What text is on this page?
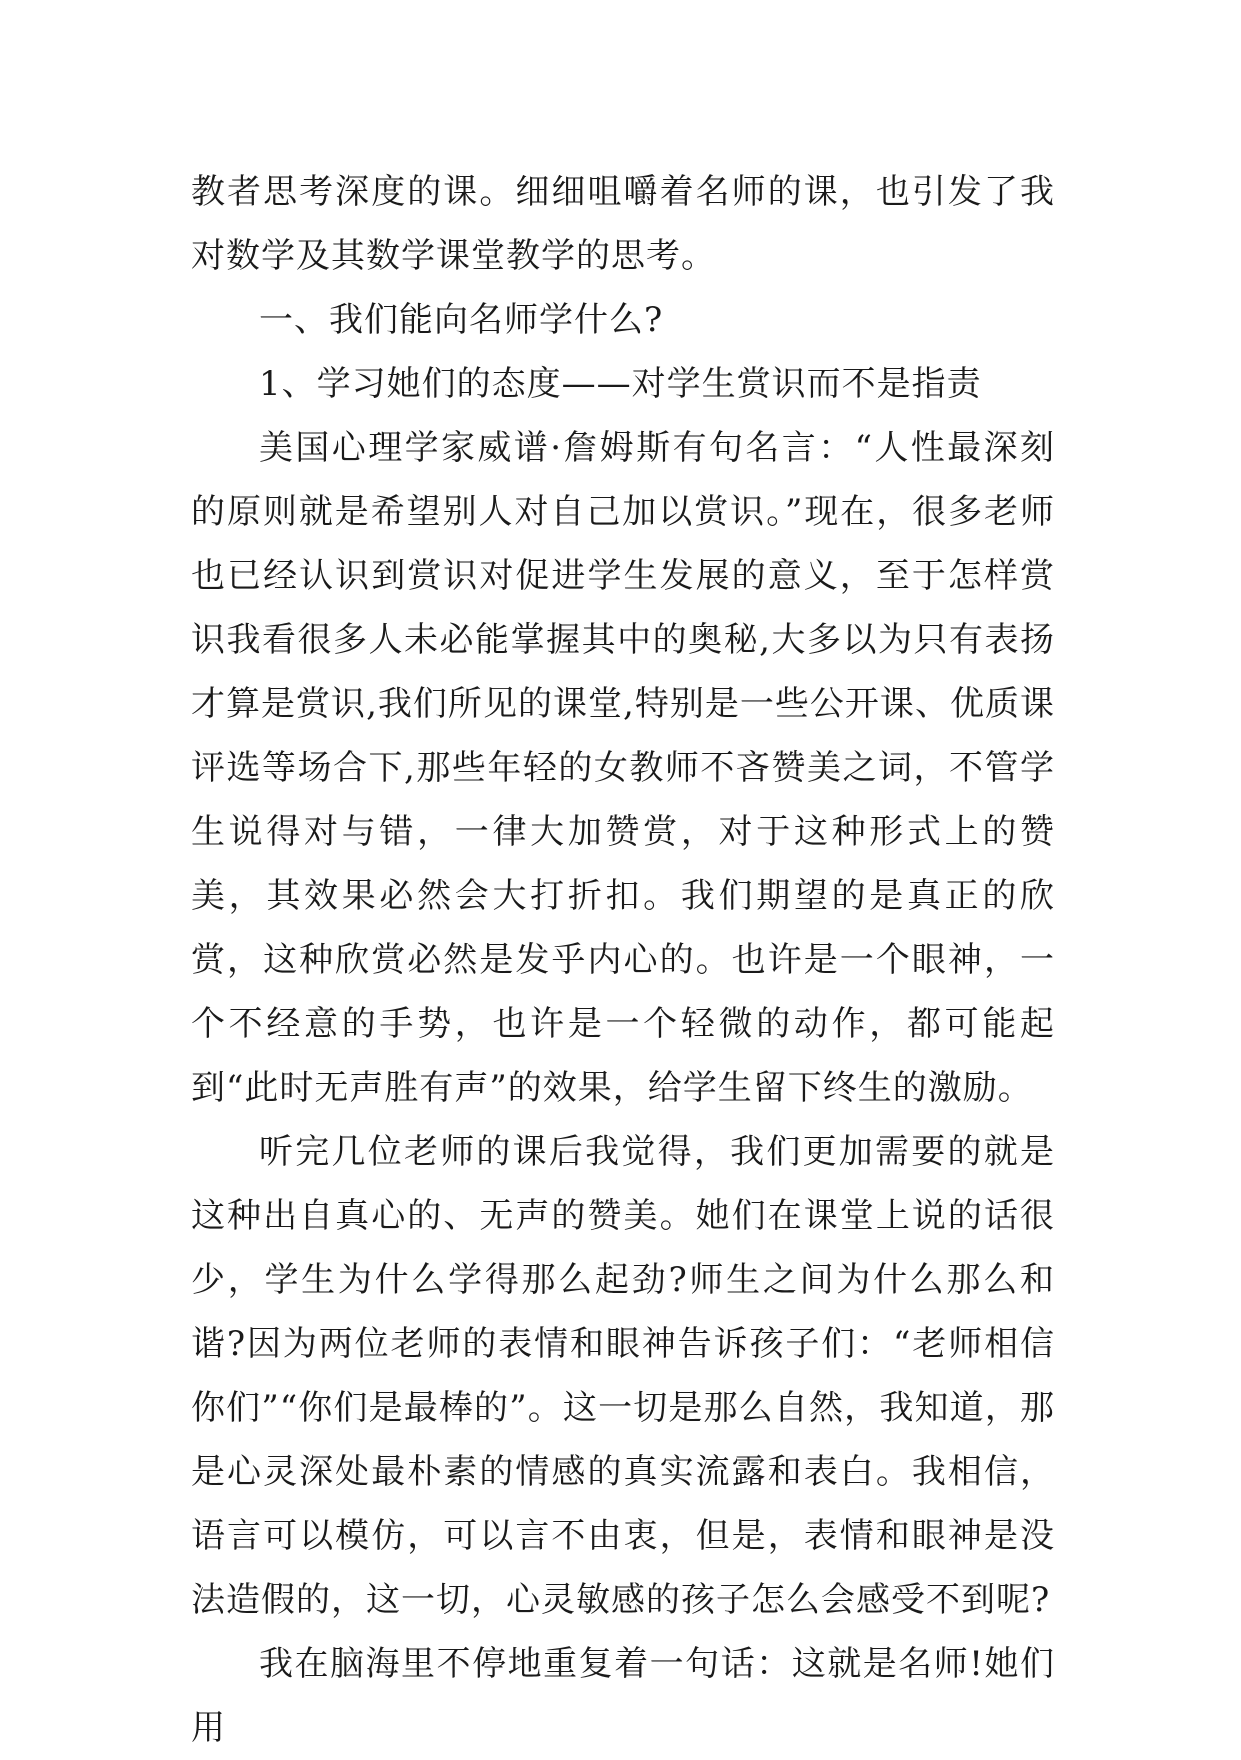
教者思考深度的课。细细咀嚼着名师的课，也引发了我对数学及其数学课堂教学的思考。

一、我们能向名师学什么?

1、学习她们的态度——对学生赏识而不是指责

美国心理学家威谱·詹姆斯有句名言：“人性最深刻的原则就是希望别人对自己加以赏识。”现在，很多老师也已经认识到赏识对促进学生发展的意义，至于怎样赏识我看很多人未必能掌握其中的奥秘,大多以为只有表扬才算是赏识,我们所见的课堂,特别是一些公开课、优质课评选等场合下,那些年轻的女教师不吝赞美之词，不管学生说得对与错，一律大加赞赏，对于这种形式上的赞美，其效果必然会大打折扣。我们期望的是真正的欣赏，这种欣赏必然是发乎内心的。也许是一个眼神，一个不经意的手势，也许是一个轻微的动作，都可能起到“此时无声胜有声”的效果，给学生留下终生的激励。

听完几位老师的课后我觉得，我们更加需要的就是这种出自真心的、无声的赞美。她们在课堂上说的话很少，学生为什么学得那么起劲?师生之间为什么那么和谐?因为两位老师的表情和眼神告诉孩子们：“老师相信你们”“你们是最棒的”。这一切是那么自然，我知道，那是心灵深处最朴素的情感的真实流露和表白。我相信，语言可以模仿，可以言不由衷，但是，表情和眼神是没法造假的，这一切，心灵敏感的孩子怎么会感受不到呢?

我在脑海里不停地重复着一句话：这就是名师!她们用
